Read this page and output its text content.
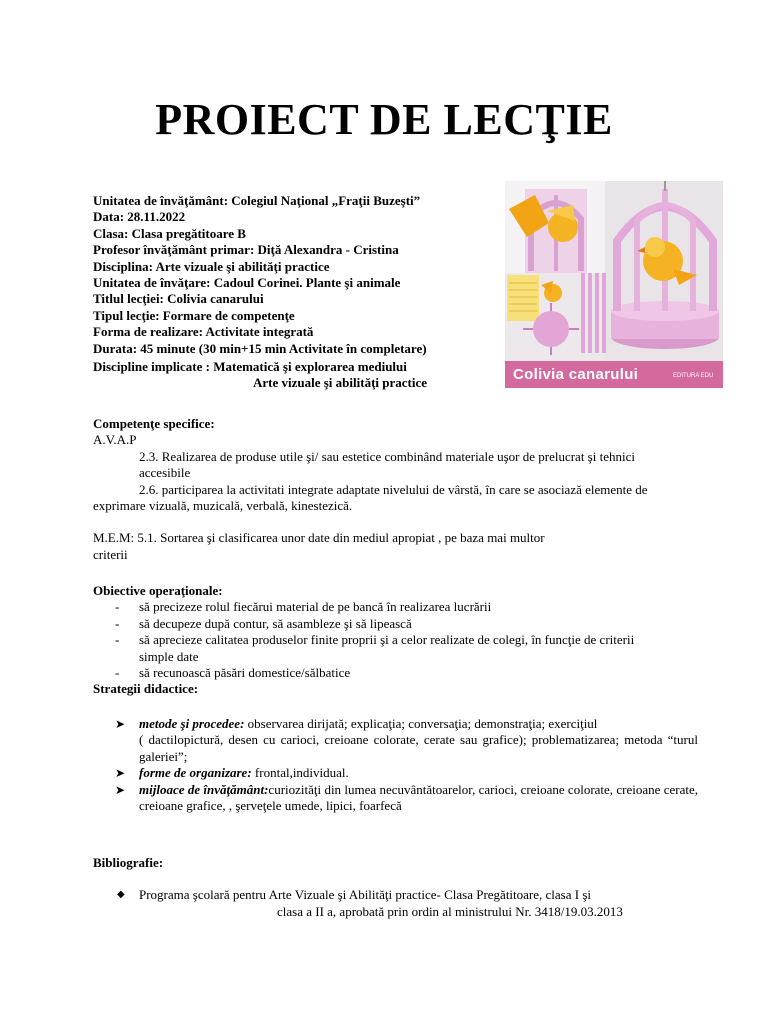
PROIECT DE LECŢIE
Unitatea de învăţământ: Colegiul Naţional „Fraţii Buzeşti”
Data: 28.11.2022
Clasa: Clasa pregătitoare B
Profesor învăţământ primar: Diţă Alexandra - Cristina
Disciplina: Arte vizuale şi abilităţi practice
Unitatea de învăţare: Cadoul Corinei. Plante şi animale
Titlul lecţiei: Colivia canarului
Tipul lecţie: Formare de competenţe
Forma de realizare: Activitate integrată
Durata: 45 minute (30 min+15 min Activitate în completare)
Discipline implicate : Matematică şi explorarea mediului
Arte vizuale şi abilităţi practice	Colivia canarului	EDITURA EDU
Competenţe specifice:
A.V.A.P
2.3. Realizarea de produse utile şi/ sau estetice combinând materiale uşor de prelucrat şi tehnici accesibile
2.6. participarea la activitati integrate adaptate nivelului de vârstă, în care se asociază elemente de exprimare vizuală, muzicală, verbală, kinestezică.
M.E.M: 5.1. Sortarea şi clasificarea unor date din mediul apropiat , pe baza mai multor
criterii
Obiective operaţionale:
-	să precizeze rolul fiecărui material de pe bancă în realizarea lucrării
-	să decupeze după contur, să asambleze şi să lipească
-	să aprecieze calitatea produselor finite proprii şi a celor realizate de colegi, în funcţie de criterii simple date
-	să recunoască păsări domestice/sălbatice
Strategii didactice:
➤	metode şi procedee: observarea dirijată; explicaţia; conversaţia; demonstraţia; exerciţiul
( dactilopictură, desen cu carioci, creioane colorate, cerate sau grafice); problematizarea; metoda “turul galeriei”;
➤	forme de organizare: frontal,individual.
➤	mijloace de învăţământ:curiozităţi din lumea necuvântătoarelor, carioci, creioane colorate, creioane cerate, creioane grafice, , şerveţele umede, lipici, foarfecă
Bibliografie:
◆	Programa şcolară pentru Arte Vizuale şi Abilităţi practice- Clasa Pregătitoare, clasa I şi
clasa a II a, aprobată prin ordin al ministrului Nr. 3418/19.03.2013
